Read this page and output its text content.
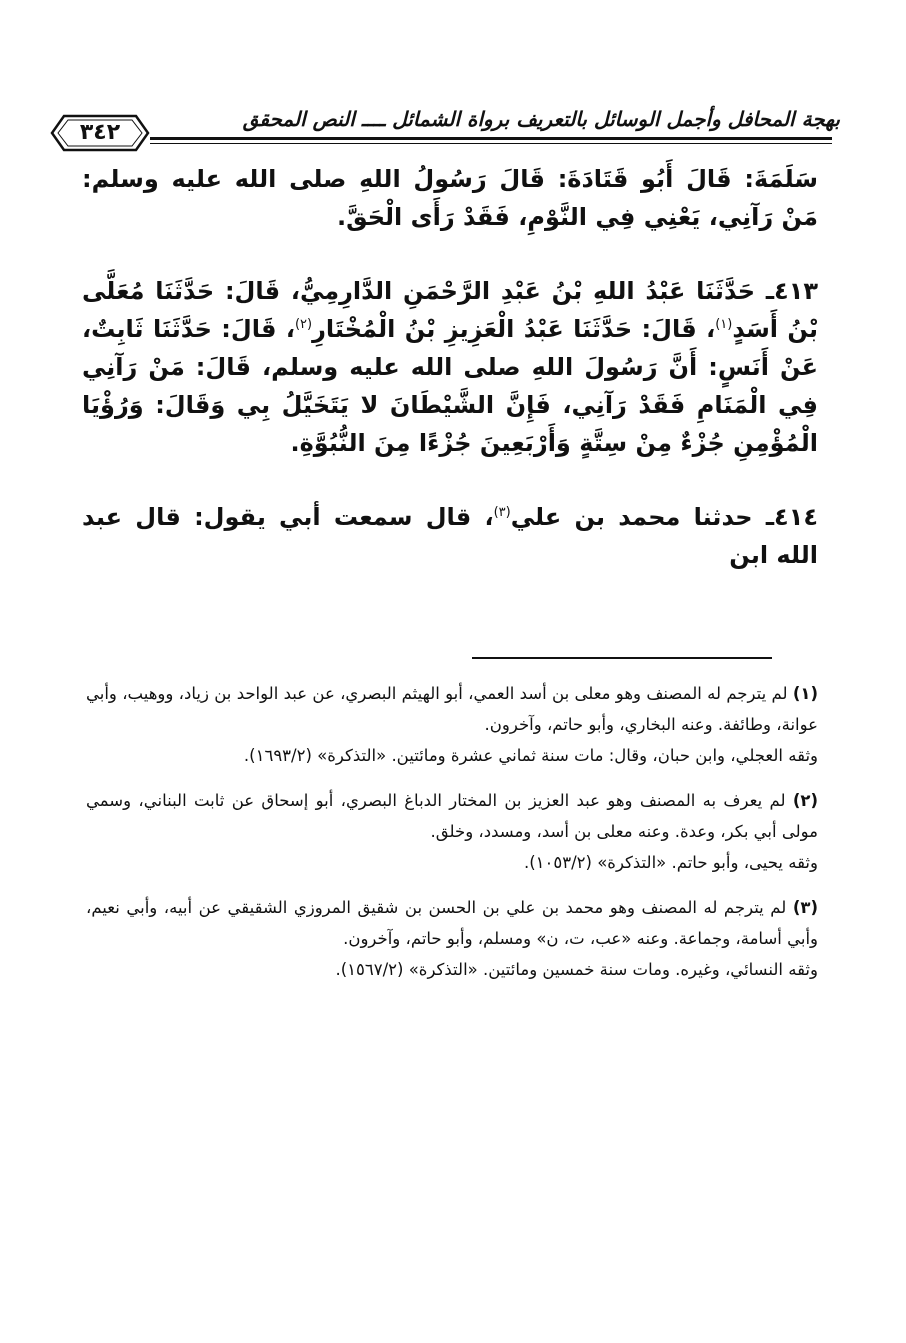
بهجة المحافل وأجمل الوسائل بالتعريف برواة الشمائل ــــ النص المحقق
٣٤٢

سَلَمَةَ: قَالَ أَبُو قَتَادَةَ: قَالَ رَسُولُ اللهِ صلى الله عليه وسلم: مَنْ رَآنِي، يَعْنِي فِي النَّوْمِ، فَقَدْ رَأَى الْحَقَّ.

٤١٣ـ حَدَّثَنَا عَبْدُ اللهِ بْنُ عَبْدِ الرَّحْمَنِ الدَّارِمِيُّ، قَالَ: حَدَّثَنَا مُعَلَّى بْنُ أَسَدٍ$^{(١)}$، قَالَ: حَدَّثَنَا عَبْدُ الْعَزِيزِ بْنُ الْمُخْتَارِ$^{(٢)}$، قَالَ: حَدَّثَنَا ثَابِتٌ، عَنْ أَنَسٍ: أَنَّ رَسُولَ اللهِ صلى الله عليه وسلم، قَالَ: مَنْ رَآنِي فِي الْمَنَامِ فَقَدْ رَآنِي، فَإِنَّ الشَّيْطَانَ لا يَتَخَيَّلُ بِي وَقَالَ: وَرُؤْيَا الْمُؤْمِنِ جُزْءٌ مِنْ سِتَّةٍ وَأَرْبَعِينَ جُزْءًا مِنَ النُّبُوَّةِ.

٤١٤ـ حدثنا محمد بن علي$^{(٣)}$، قال سمعت أبي يقول: قال عبد الله ابن

(١) لم يترجم له المصنف وهو معلى بن أسد العمي، أبو الهيثم البصري، عن عبد الواحد بن زياد، ووهيب، وأبي عوانة، وطائفة. وعنه البخاري، وأبو حاتم، وآخرون.
وثقه العجلي، وابن حبان، وقال: مات سنة ثماني عشرة ومائتين. «التذكرة» (١٦٩٣/٢).
(٢) لم يعرف به المصنف وهو عبد العزيز بن المختار الدباغ البصري، أبو إسحاق عن ثابت البناني، وسمي مولى أبي بكر، وعدة. وعنه معلى بن أسد، ومسدد، وخلق.
وثقه يحيى، وأبو حاتم. «التذكرة» (١٠٥٣/٢).
(٣) لم يترجم له المصنف وهو محمد بن علي بن الحسن بن شقيق المروزي الشقيقي عن أبيه، وأبي نعيم، وأبي أسامة، وجماعة. وعنه «عب، ت، ن» ومسلم، وأبو حاتم، وآخرون.
وثقه النسائي، وغيره. ومات سنة خمسين ومائتين. «التذكرة» (١٥٦٧/٢).
